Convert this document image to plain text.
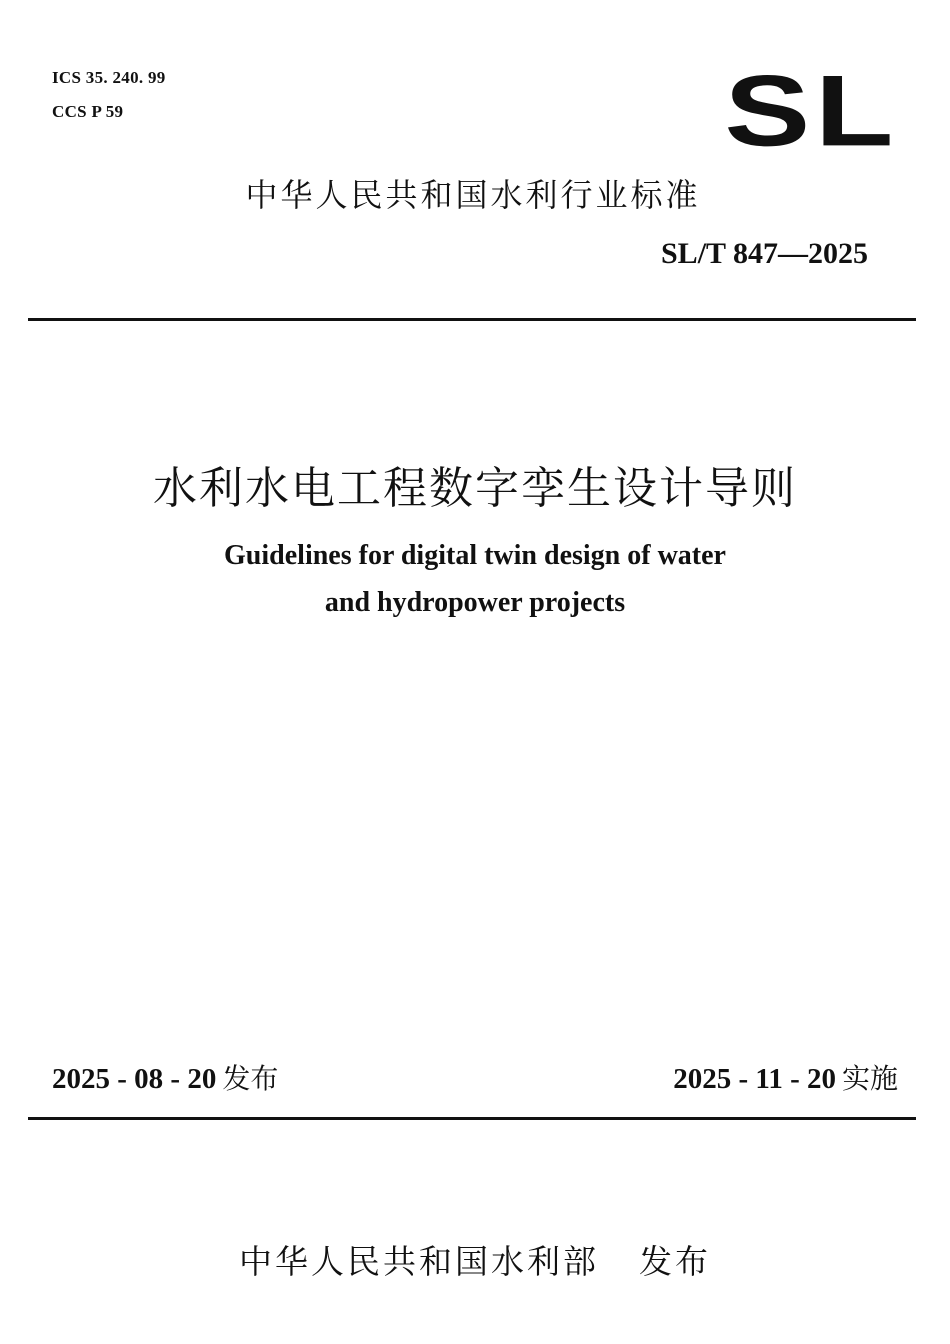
ICS 35. 240. 99
CCS P 59	SL
中华人民共和国水利行业标准
SL/T 847—2025
水利水电工程数字孪生设计导则
Guidelines for digital twin design of water
and hydropower projects
2025 - 08 - 20 发布	2025 - 11 - 20 实施
中华人民共和国水利部 发布
